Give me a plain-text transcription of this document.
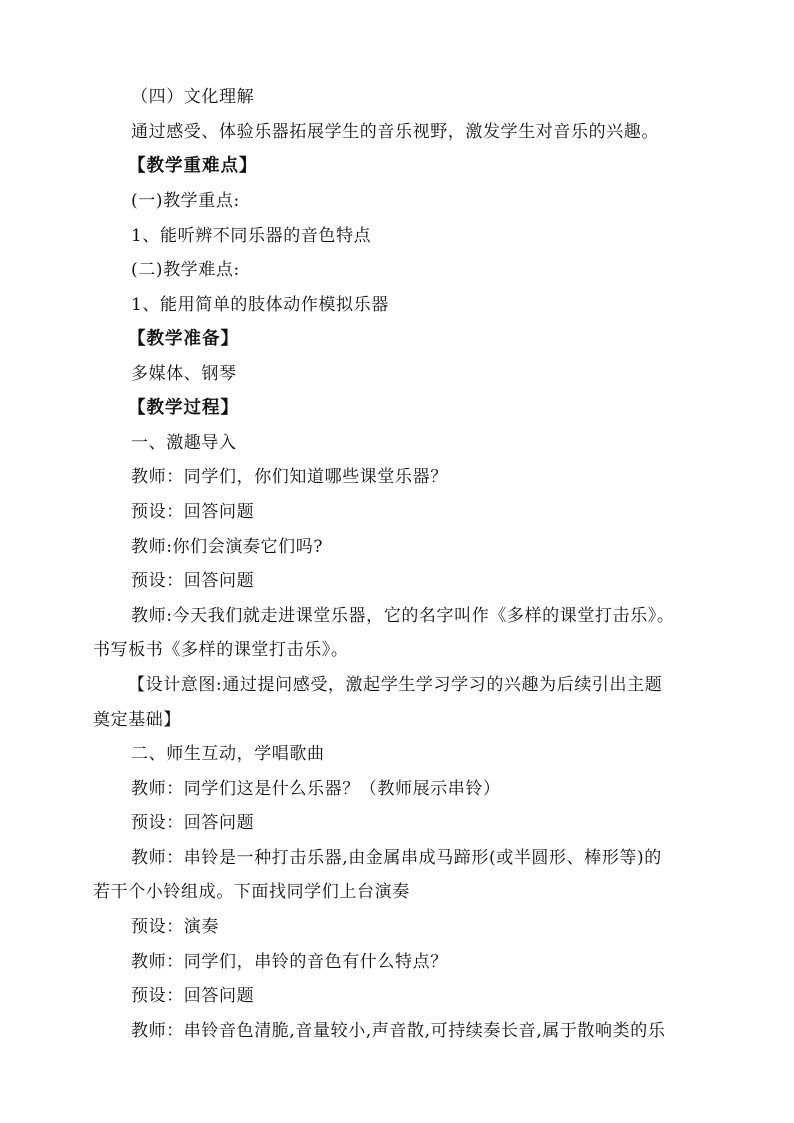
（四）文化理解
通过感受、体验乐器拓展学生的音乐视野，激发学生对音乐的兴趣。
【教学重难点】
(一)教学重点:
1、能听辨不同乐器的音色特点
(二)教学难点:
1、能用简单的肢体动作模拟乐器
【教学准备】
多媒体、钢琴
【教学过程】
一、激趣导入
教师：同学们，你们知道哪些课堂乐器？
预设：回答问题
教师:你们会演奏它们吗?
预设：回答问题
教师:今天我们就走进课堂乐器，它的名字叫作《多样的课堂打击乐》。
书写板书《多样的课堂打击乐》。
【设计意图:通过提问感受，激起学生学习学习的兴趣为后续引出主题
奠定基础】
二、师生互动，学唱歌曲
教师：同学们这是什么乐器？（教师展示串铃）
预设：回答问题
教师：串铃是一种打击乐器,由金属串成马蹄形(或半圆形、棒形等)的
若干个小铃组成。下面找同学们上台演奏
预设：演奏
教师：同学们，串铃的音色有什么特点？
预设：回答问题
教师：串铃音色清脆,音量较小,声音散,可持续奏长音,属于散响类的乐
